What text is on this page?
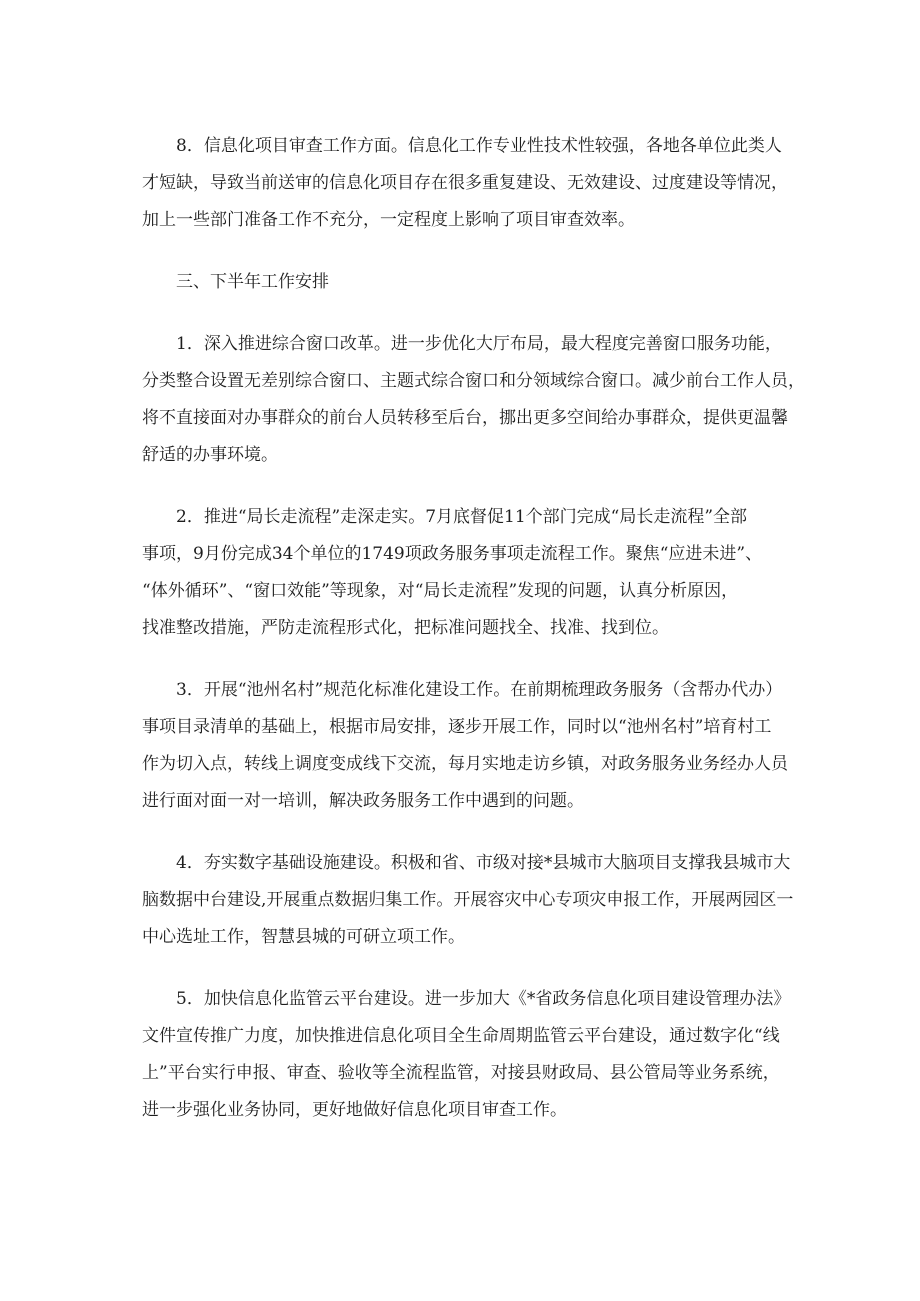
8．信息化项目审查工作方面。信息化工作专业性技术性较强，各地各单位此类人
才短缺，导致当前送审的信息化项目存在很多重复建设、无效建设、过度建设等情况，
加上一些部门准备工作不充分，一定程度上影响了项目审查效率。
三、下半年工作安排
1．深入推进综合窗口改革。进一步优化大厅布局，最大程度完善窗口服务功能，
分类整合设置无差别综合窗口、主题式综合窗口和分领域综合窗口。减少前台工作人员，
将不直接面对办事群众的前台人员转移至后台，挪出更多空间给办事群众，提供更温馨
舒适的办事环境。
2．推进“局长走流程”走深走实。7月底督促11个部门完成“局长走流程”全部
事项，9月份完成34个单位的1749项政务服务事项走流程工作。聚焦“应进未进”、
“体外循环”、“窗口效能”等现象，对“局长走流程”发现的问题，认真分析原因，
找准整改措施，严防走流程形式化，把标准问题找全、找准、找到位。
3．开展“池州名村”规范化标准化建设工作。在前期梳理政务服务（含帮办代办）
事项目录清单的基础上，根据市局安排，逐步开展工作，同时以“池州名村”培育村工
作为切入点，转线上调度变成线下交流，每月实地走访乡镇，对政务服务业务经办人员
进行面对面一对一培训，解决政务服务工作中遇到的问题。
4．夯实数字基础设施建设。积极和省、市级对接*县城市大脑项目支撑我县城市大
脑数据中台建设,开展重点数据归集工作。开展容灾中心专项灾申报工作，开展两园区一
中心选址工作，智慧县城的可研立项工作。
5．加快信息化监管云平台建设。进一步加大《*省政务信息化项目建设管理办法》
文件宣传推广力度，加快推进信息化项目全生命周期监管云平台建设，通过数字化“线
上”平台实行申报、审查、验收等全流程监管，对接县财政局、县公管局等业务系统，
进一步强化业务协同，更好地做好信息化项目审查工作。
